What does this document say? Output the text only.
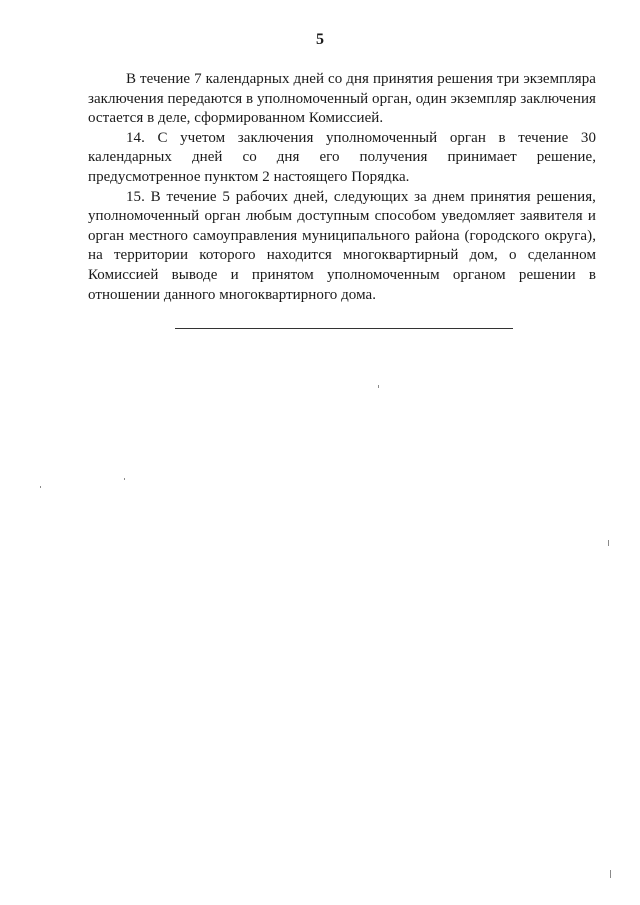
5

В течение 7 календарных дней со дня принятия решения три экземпляра заключения передаются в уполномоченный орган, один экземпляр заключения остается в деле, сформированном Комиссией.

14. С учетом заключения уполномоченный орган в течение 30 календарных дней со дня его получения принимает решение, предусмотренное пунктом 2 настоящего Порядка.

15. В течение 5 рабочих дней, следующих за днем принятия решения, уполномоченный орган любым доступным способом уведомляет заявителя и орган местного самоуправления муниципального района (городского округа), на территории которого находится многоквартирный дом, о сделанном Комиссией выводе и принятом уполномоченным органом решении в отношении данного многоквартирного дома.
